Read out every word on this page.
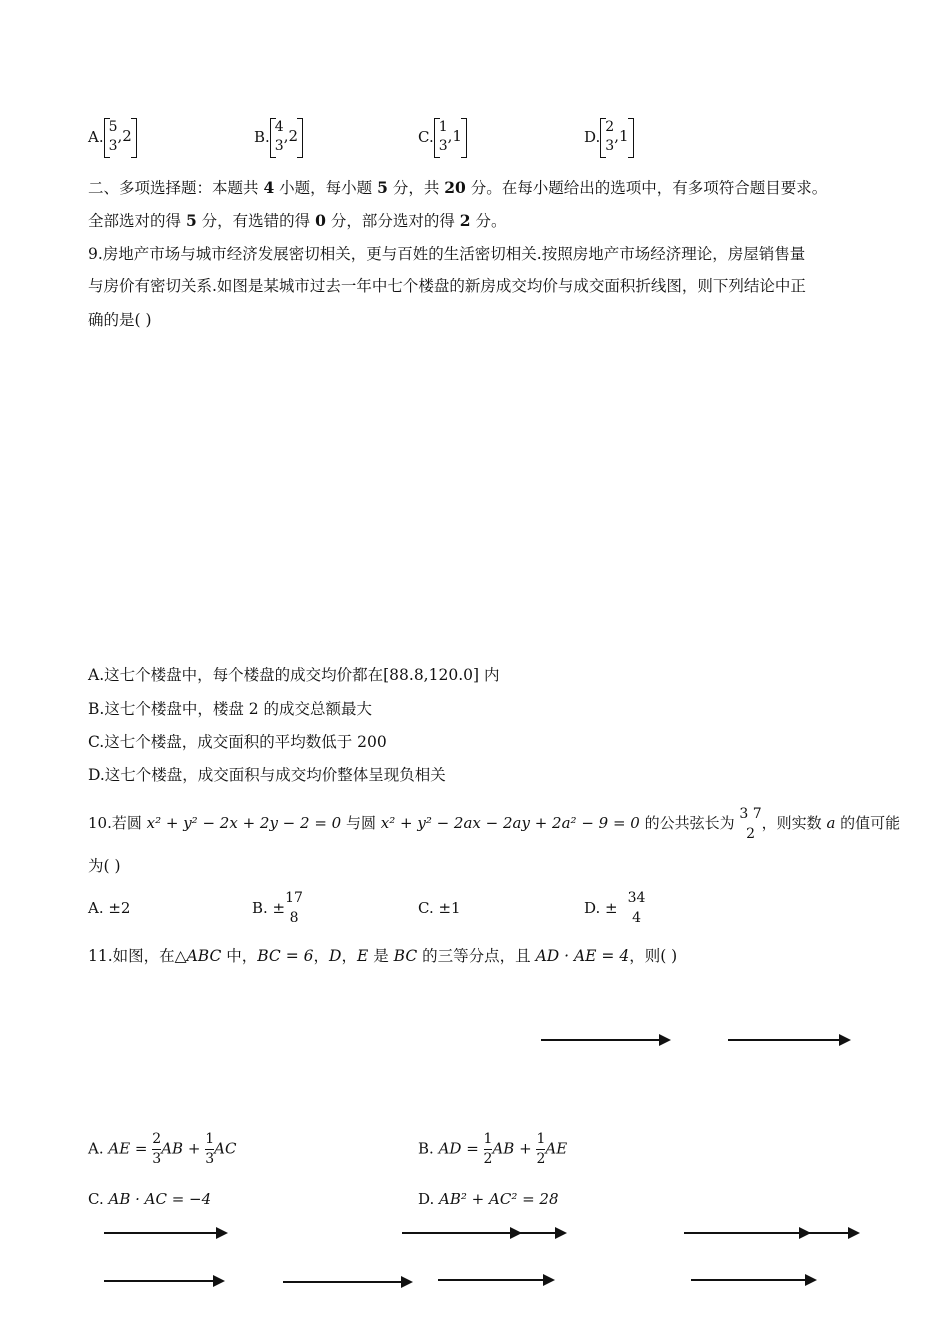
A.
5
3
,2	B.
4
3
,2	C.
1
3
,1	D.
2
3
,1
二、多项选择题：本题共 4 小题，每小题 5 分，共 20 分。在每小题给出的选项中，有多项符合题目要求。
全部选对的得 5 分，有选错的得 0 分，部分选对的得 2 分。
9.房地产市场与城市经济发展密切相关，更与百姓的生活密切相关.按照房地产市场经济理论，房屋销售量
与房价有密切关系.如图是某城市过去一年中七个楼盘的新房成交均价与成交面积折线图，则下列结论中正
确的是( )
A.这七个楼盘中，每个楼盘的成交均价都在[88.8,120.0] 内
B.这七个楼盘中，楼盘 2 的成交总额最大
C.这七个楼盘，成交面积的平均数低于 200
D.这七个楼盘，成交面积与成交均价整体呈现负相关
10.若圆 x² + y² − 2x + 2y − 2 = 0 与圆 x² + y² − 2ax − 2ay + 2a² − 9 = 0 的公共弦长为 3 7
2
，则实数 a 的值可能
为( )
A. ±2	B. ±
17
8
C. ±1	D. ±
34
4
11.如图，在△ABC 中，BC = 6，D，E 是 BC 的三等分点，且 AD · AE = 4，则( )
A. AE = $\frac{2}{3}$ AB + $\frac{1}{3}$ AC	B. AD = $\frac{1}{2}$ AB + $\frac{1}{2}$ AE
C. AB · AC = −4	D. AB² + AC² = 28
